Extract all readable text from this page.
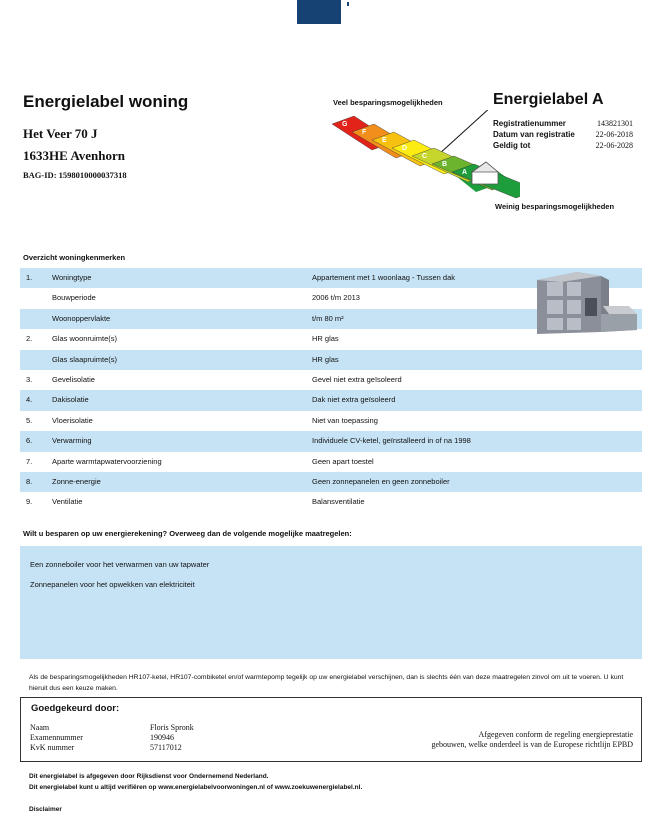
Energielabel woning
Het Veer 70 J
1633HE Avenhorn
BAG-ID: 1598010000037318
Veel besparingsmogelijkheden
Weinig besparingsmogelijkheden
G
F
E
D
C
B
A
Energielabel A
Registratienummer	143821301
Datum van registratie	22-06-2018
Geldig tot	22-06-2028
Overzicht woningkenmerken
1.	Woningtype	Appartement met 1 woonlaag - Tussen dak
Bouwperiode	2006 t/m 2013
Woonoppervlakte	t/m 80 m²
2.	Glas woonruimte(s)	HR glas
Glas slaapruimte(s)	HR glas
3.	Gevelisolatie	Gevel niet extra geïsoleerd
4.	Dakisolatie	Dak niet extra geïsoleerd
5.	Vloerisolatie	Niet van toepassing
6.	Verwarming	Individuele CV-ketel, geïnstalleerd in of na 1998
7.	Aparte warmtapwatervoorziening	Geen apart toestel
8.	Zonne-energie	Geen zonnepanelen en geen zonneboiler
9.	Ventilatie	Balansventilatie
Wilt u besparen op uw energierekening? Overweeg dan de volgende mogelijke maatregelen:
Een zonneboiler voor het verwarmen van uw tapwater
Zonnepanelen voor het opwekken van elektriciteit
Als de besparingsmogelijkheden HR107-ketel, HR107-combiketel en/of warmtepomp tegelijk op uw energielabel verschijnen, dan is slechts één van deze maatregelen zinvol om uit te voeren. U kunt hieruit dus een keuze maken.
Goedgekeurd door:
Naam	Floris Spronk
Examennummer	190946
KvK nummer	57117012
Afgegeven conform de regeling energieprestatie
gebouwen, welke onderdeel is van de Europese richtlijn EPBD
Dit energielabel is afgegeven door Rijksdienst voor Ondernemend Nederland.
Dit energielabel kunt u altijd verifiëren op www.energielabelvoorwoningen.nl of www.zoekuwenergielabel.nl.
Disclaimer
